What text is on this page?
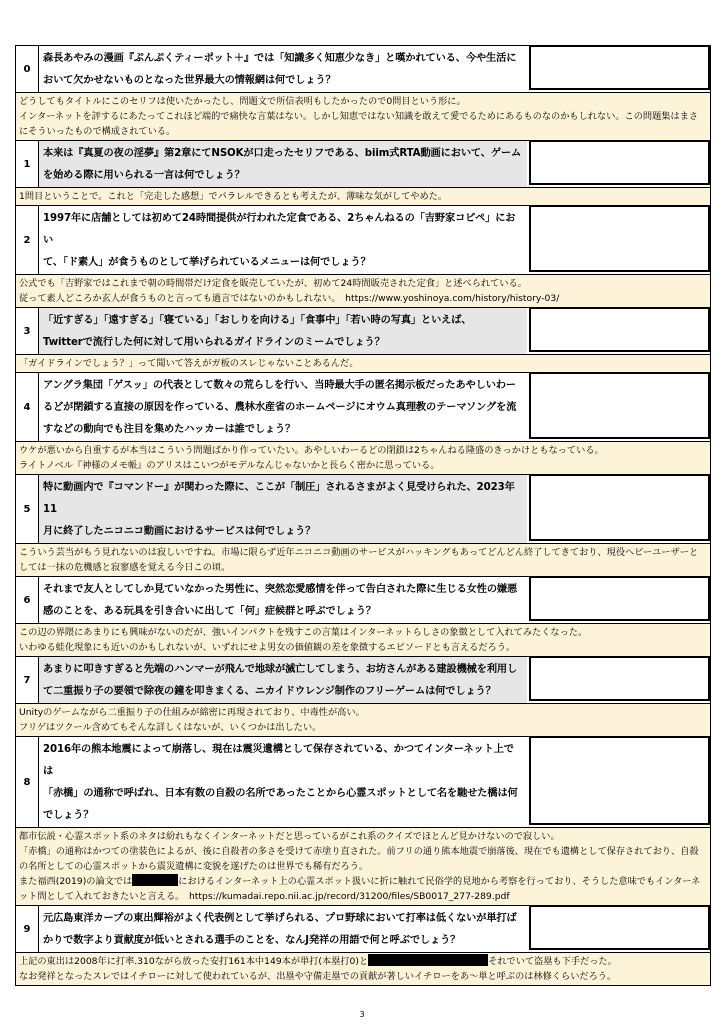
0
森長あやみの漫画『ぷんぷくティーポット＋』では「知識多く知恵少なき」と嘆かれている、今や生活に
おいて欠かせないものとなった世界最大の情報網は何でしょう？

どうしてもタイトルにこのセリフは使いたかったし、問題文で所信表明もしたかったので0問目という形に。

インターネットを評するにあたってこれほど端的で痛快な言葉はない。しかし知恵ではない知識を敢えて愛でるためにあるものなのかもしれない。この問題集はまさにそういったもので構成されている。

1
本来は『真夏の夜の淫夢』第2章にてNSOKが口走ったセリフである、biim式RTA動画において、ゲーム
を始める際に用いられる一言は何でしょう？

1問目ということで。これと「完走した感想」でパラレルできるとも考えたが、薄味な気がしてやめた。

2
1997年に店舗としては初めて24時間提供が行われた定食である、2ちゃんねるの「吉野家コピペ」におい
て、「ド素人」が食うものとして挙げられているメニューは何でしょう？

公式でも「吉野家ではこれまで朝の時間帯だけ定食を販売していたが、初めて24時間販売された定食」と述べられている。

従って素人どころか玄人が食うものと言っても過言ではないのかもしれない。　https://www.yoshinoya.com/history/history-03/

3
「近すぎる」「遠すぎる」「寝ている」「おしりを向ける」「食事中」「若い時の写真」といえば、
Twitterで流行した何に対して用いられるガイドラインのミームでしょう？

「ガイドラインでしょう？」って聞いて答えがガ板のスレじゃないことあるんだ。

4
アングラ集団「ゲスッ」の代表として数々の荒らしを行い、当時最大手の匿名掲示板だったあやしいわー
るどが閉鎖する直接の原因を作っている、農林水産省のホームページにオウム真理教のテーマソングを流
すなどの動向でも注目を集めたハッカーは誰でしょう？

ウケが悪いから自重するが本当はこういう問題ばかり作っていたい。あやしいわーるどの閉鎖は2ちゃんねる隆盛のきっかけともなっている。

ライトノベル『神様のメモ帳』のアリスはこいつがモデルなんじゃないかと長らく密かに思っている。

5
特に動画内で『コマンドー』が関わった際に、ここが「制圧」されるさまがよく見受けられた、2023年11
月に終了したニコニコ動画におけるサービスは何でしょう？

こういう芸当がもう見れないのは寂しいですね。市場に限らず近年ニコニコ動画のサービスがハッキングもあってどんどん終了してきており、現役ヘビーユーザーとしては一抹の危機感と寂寥感を覚える今日この頃。

6
それまで友人としてしか見ていなかった男性に、突然恋愛感情を伴って告白された際に生じる女性の嫌悪
感のことを、ある玩具を引き合いに出して「何」症候群と呼ぶでしょう？

この辺の界隈にあまりにも興味がないのだが、強いインパクトを残すこの言葉はインターネットらしさの象徴として入れてみたくなった。

いわゆる蛙化現象にも近いのかもしれないが、いずれにせよ男女の価値観の差を象徴するエピソードとも言えるだろう。

7
あまりに叩きすぎると先端のハンマーが飛んで地球が滅亡してしまう、お坊さんがある建設機械を利用し
て二重振り子の要領で除夜の鐘を叩きまくる、ニカイドウレンジ制作のフリーゲームは何でしょう？

Unityのゲームながら二重振り子の仕組みが綿密に再現されており、中毒性が高い。

フリゲはツクール含めてもそんな詳しくはないが、いくつかは出したい。

8
2016年の熊本地震によって崩落し、現在は震災遺構として保存されている、かつてインターネット上では
「赤橋」の通称で呼ばれ、日本有数の自殺の名所であったことから心霊スポットとして名を馳せた橋は何
でしょう？

都市伝説・心霊スポット系のネタは紛れもなくインターネットだと思っているがこれ系のクイズでほとんど見かけないので寂しい。

「赤橋」の通称はかつての塗装色によるが、後に自殺者の多さを受けて赤塗り直された。前フリの通り熊本地震で崩落後、現在でも遺構として保存されており、自殺の名所としての心霊スポットから震災遺構に変貌を遂げたのは世界でも稀有だろう。

また福西(2019)の論文では	におけるインターネット上の心霊スポット扱いに折に触れて民俗学的見地から考察を行っており、そうした意味でもインターネット問として入れておきたいと言える。　https://kumadai.repo.nii.ac.jp/record/31200/files/SB0017_277-289.pdf

9
元広島東洋カープの東出輝裕がよく代表例として挙げられる、プロ野球において打率は低くないが単打ば
かりで数字より貢献度が低いとされる選手のことを、なんJ発祥の用語で何と呼ぶでしょう？

上記の東出は2008年に打率.310ながら放った安打161本中149本が単打(本塁打0)と	それでいて盗塁も下手だった。

なお発祥となったスレではイチローに対して使われているが、出塁や守備走塁での貢献が著しいイチローをあ〜単と呼ぶのは林修くらいだろう。

3
